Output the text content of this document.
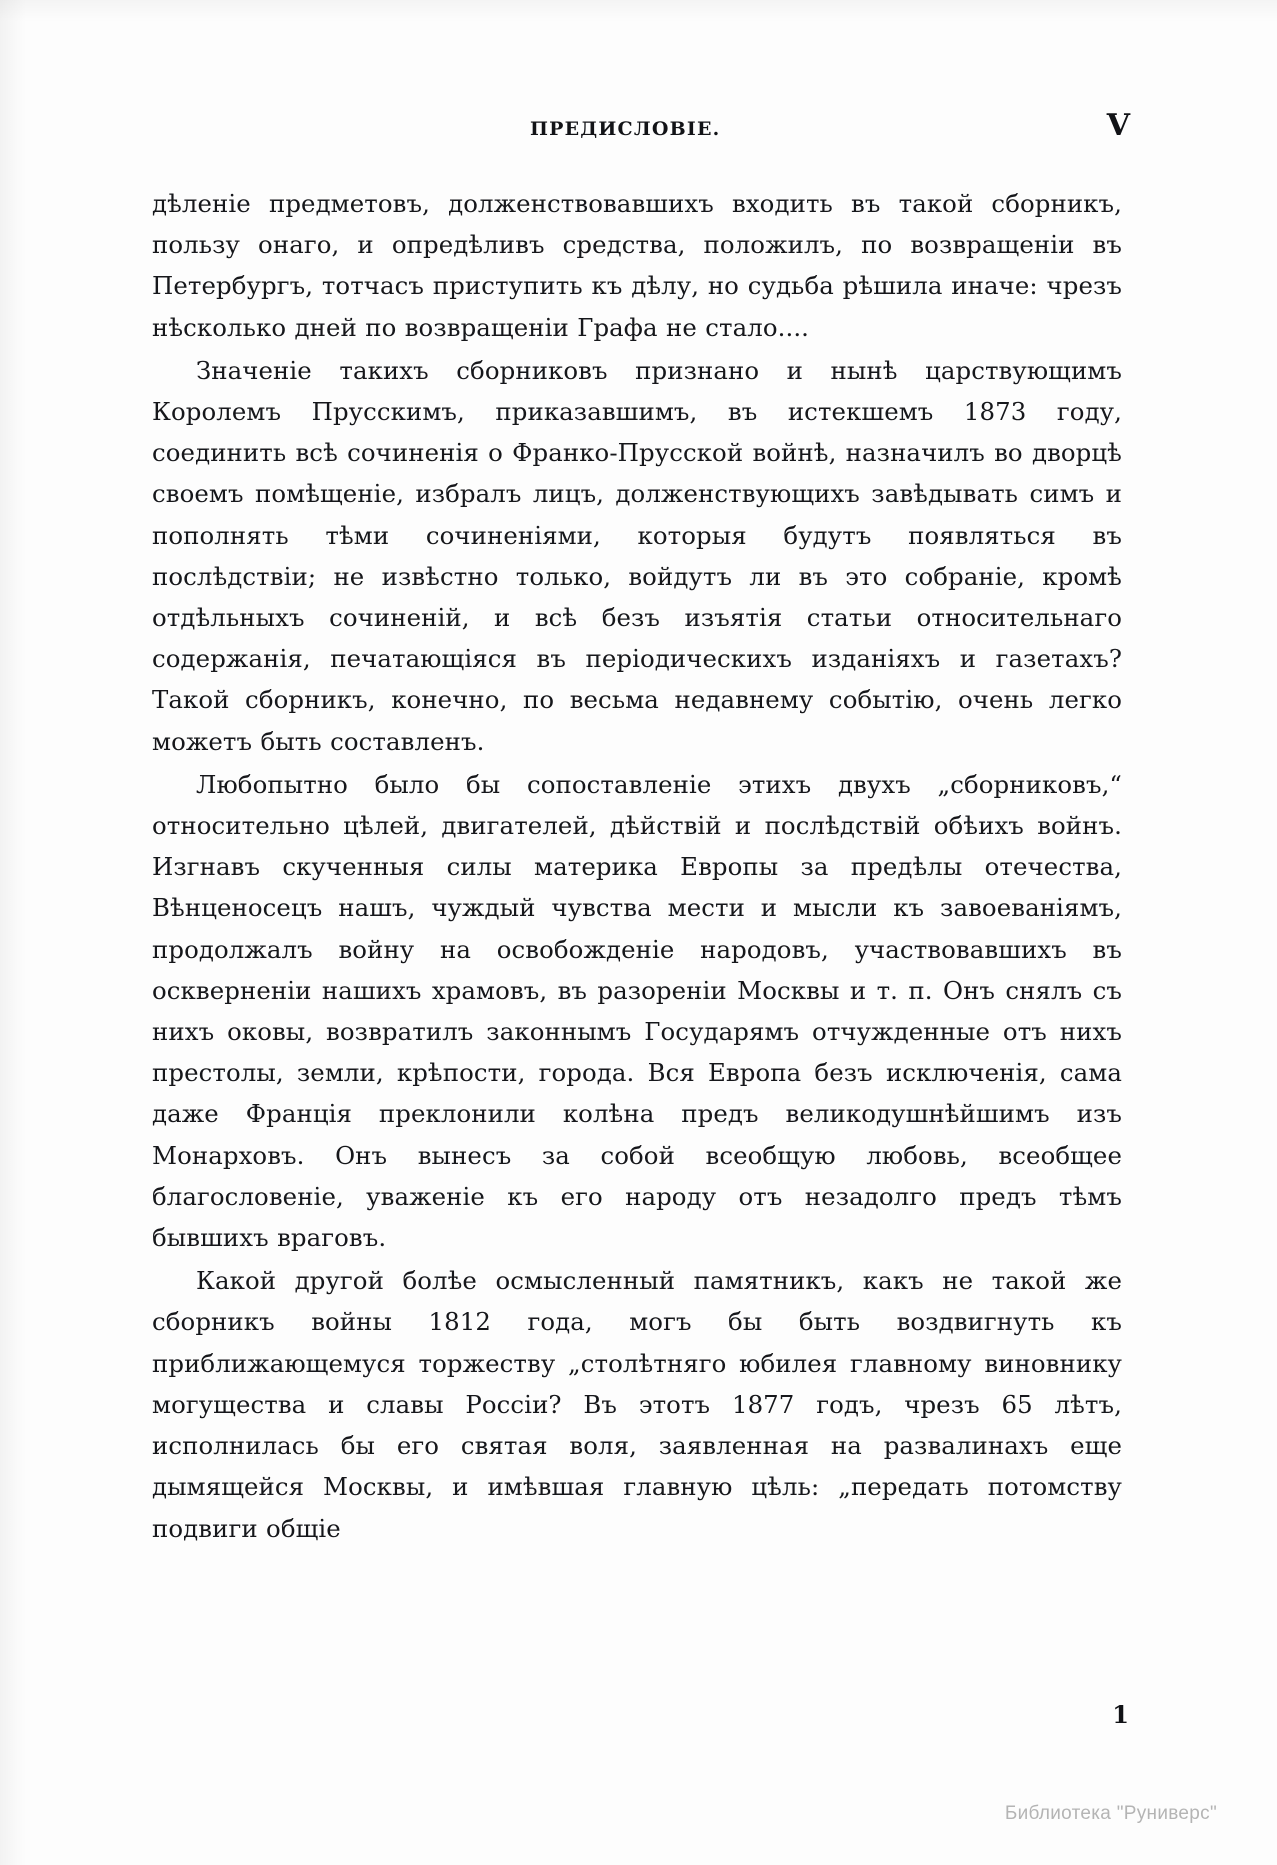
ПРЕДИСЛОВІЕ.	V

дѣленіе предметовъ, долженствовавшихъ входить въ такой сборникъ, пользу онаго, и опредѣливъ средства, положилъ, по возвращеніи въ Петербургъ, тотчасъ приступить къ дѣлу, но судьба рѣшила иначе: чрезъ нѣсколько дней по возвращеніи Графа не стало....

Значеніе такихъ сборниковъ признано и нынѣ царствующимъ Королемъ Прусскимъ, приказавшимъ, въ истекшемъ 1873 году, соединить всѣ сочиненія о Франко-Прусской войнѣ, назначилъ во дворцѣ своемъ помѣщеніе, избралъ лицъ, долженствующихъ завѣдывать симъ и пополнять тѣми сочиненіями, которыя будутъ появляться въ послѣдствіи; не извѣстно только, войдутъ ли въ это собраніе, кромѣ отдѣльныхъ сочиненій, и всѣ безъ изъятія статьи относительнаго содержанія, печатающіяся въ періодическихъ изданіяхъ и газетахъ? Такой сборникъ, конечно, по весьма недавнему событію, очень легко можетъ быть составленъ.

Любопытно было бы сопоставленіе этихъ двухъ „сборниковъ,“ относительно цѣлей, двигателей, дѣйствій и послѣдствій обѣихъ войнъ. Изгнавъ скученныя силы материка Европы за предѣлы отечества, Вѣнценосецъ нашъ, чуждый чувства мести и мысли къ завоеваніямъ, продолжалъ войну на освобожденіе народовъ, участвовавшихъ въ оскверненіи нашихъ храмовъ, въ разореніи Москвы и т. п. Онъ снялъ съ нихъ оковы, возвратилъ законнымъ Государямъ отчужденные отъ нихъ престолы, земли, крѣпости, города. Вся Европа безъ исключенія, сама даже Францiя преклонили колѣна предъ великодушнѣйшимъ изъ Монарховъ. Онъ вынесъ за собой всеобщую любовь, всеобщее благословеніе, уваженіе къ его народу отъ незадолго предъ тѣмъ бывшихъ враговъ.

Какой другой болѣе осмысленный памятникъ, какъ не такой же сборникъ войны 1812 года, могъ бы быть воздвигнуть къ приближающемуся торжеству „столѣтняго юбилея главному виновнику могущества и славы Россіи? Въ этотъ 1877 годъ, чрезъ 65 лѣтъ, исполнилась бы его святая воля, заявленная на развалинахъ еще дымящейся Москвы, и имѣвшая главную цѣль: „передать потомству подвиги общіе

1
Библиотека "Руниверс"
